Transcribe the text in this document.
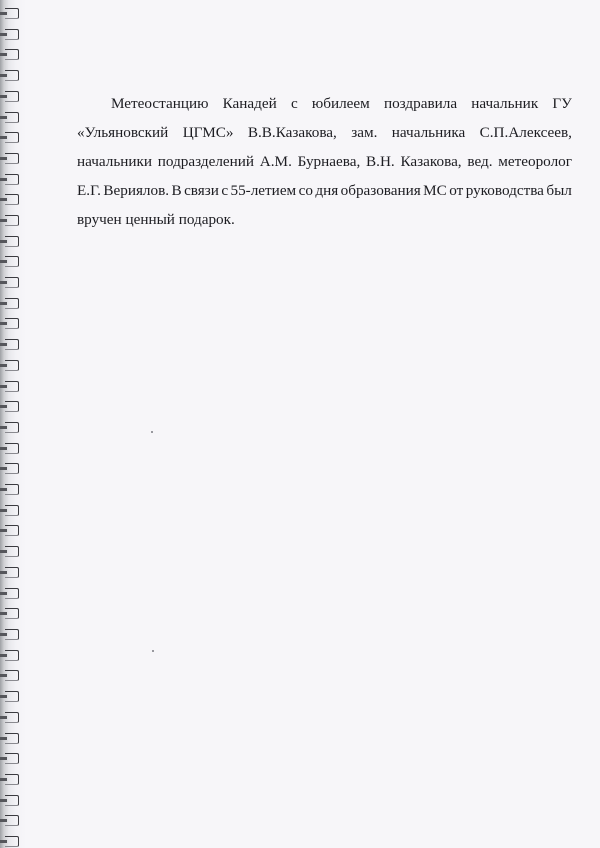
Метеостанцию Канадей с юбилеем поздравила начальник ГУ
«Ульяновский ЦГМС» В.В.Казакова, зам. начальника С.П.Алексеев,
начальники подразделений А.М. Бурнаева, В.Н. Казакова, вед. метеоролог
Е.Г. Вериялов. В связи с 55-летием со дня образования МС от руководства был
вручен ценный подарок.
